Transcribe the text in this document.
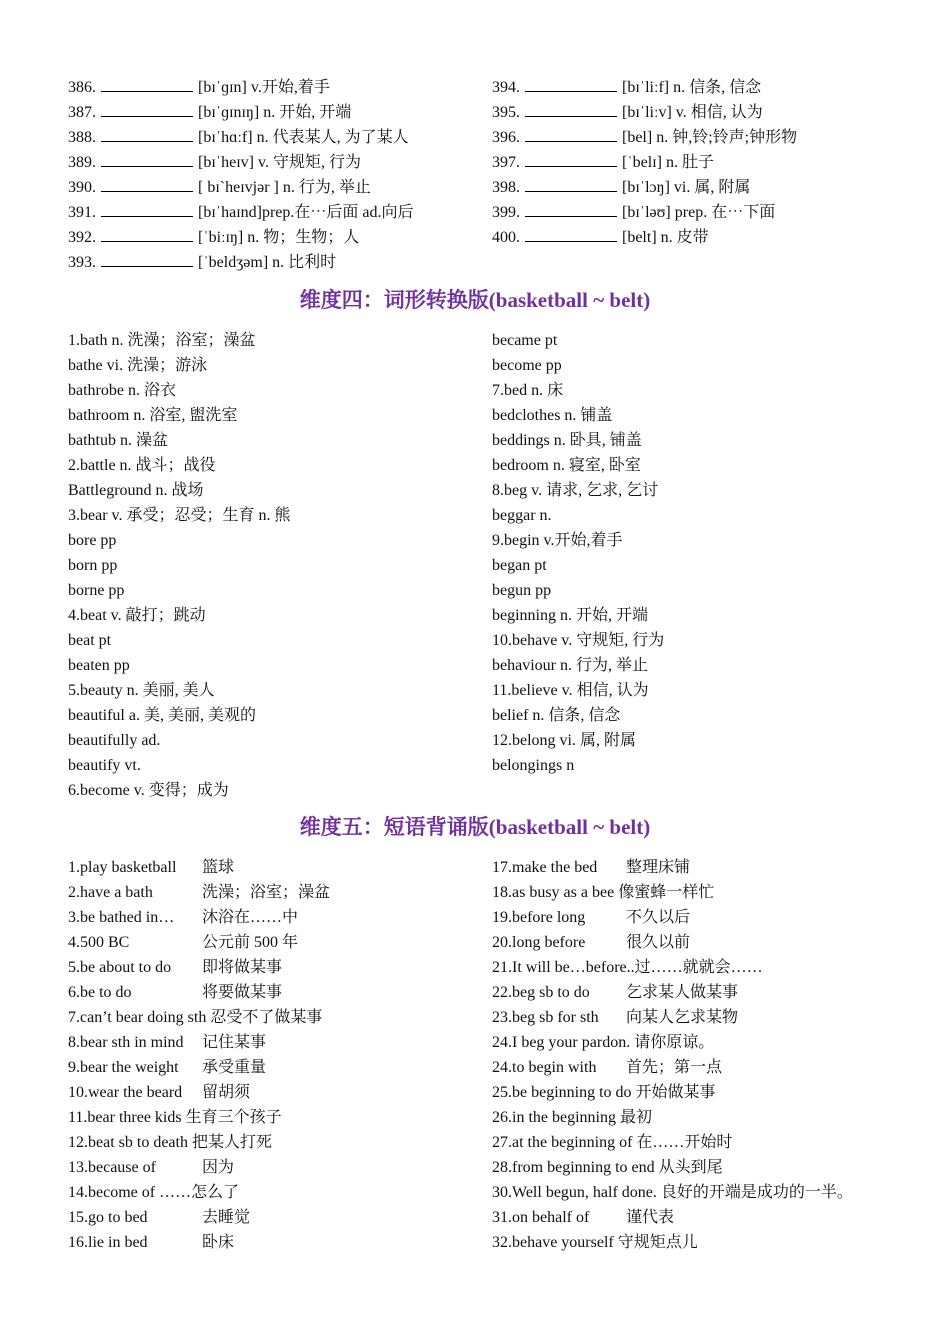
386.	[bɪˈɡɪn] v.开始,着手
387.	[bɪˈɡɪnɪŋ] n. 开始, 开端
388.	[bɪˈhɑːf] n. 代表某人, 为了某人
389.	[bɪˈheɪv] v. 守规矩, 行为
390.	[ bɪˋheɪvjər ] n. 行为, 举止
391.	[bɪˈhaɪnd]prep.在⋯后面 ad.向后
392.	[ˈbiːɪŋ] n. 物；生物；人
393.	[ˈbeldʒəm] n. 比利时
394.	[bɪˈliːf] n. 信条, 信念
395.	[bɪˈliːv] v. 相信, 认为
396.	[bel] n. 钟,铃;铃声;钟形物
397.	[ˈbelɪ] n. 肚子
398.	[bɪˈlɔŋ] vi. 属, 附属
399.	[bɪˈləʊ] prep. 在⋯下面
400.	[belt] n. 皮带
维度四：词形转换版(basketball ~ belt)
1.bath n. 洗澡；浴室；澡盆
bathe vi. 洗澡；游泳
bathrobe n. 浴衣
bathroom n. 浴室, 盥洗室
bathtub n. 澡盆
2.battle n. 战斗；战役
Battleground n. 战场
3.bear v. 承受；忍受；生育 n. 熊
bore pp
born pp
borne pp
4.beat v. 敲打；跳动
beat pt
beaten pp
5.beauty n. 美丽, 美人
beautiful a. 美, 美丽, 美观的
beautifully ad.
beautify vt.
6.become v. 变得；成为
became pt
become pp
7.bed n. 床
bedclothes n. 铺盖
beddings n. 卧具, 铺盖
bedroom n. 寝室, 卧室
8.beg v. 请求, 乞求, 乞讨
beggar n.
9.begin v.开始,着手
began pt
begun pp
beginning n. 开始, 开端
10.behave v. 守规矩, 行为
behaviour n. 行为, 举止
11.believe v. 相信, 认为
belief n. 信条, 信念
12.belong vi. 属, 附属
belongings n
维度五：短语背诵版(basketball ~ belt)
1.play basketball 篮球
2.have a bath	洗澡；浴室；澡盆
3.be bathed in… 沐浴在……中
4.500 BC	公元前 500 年
5.be about to do 即将做某事
6.be to do	将要做某事
7.can’t bear doing sth 忍受不了做某事
8.bear sth in mind 记住某事
9.bear the weight 承受重量
10.wear the beard 留胡须
11.bear three kids 生育三个孩子
12.beat sb to death 把某人打死
13.because of	因为
14.become of ……怎么了
15.go to bed	去睡觉
16.lie in bed	卧床
17.make the bed 整理床铺
18.as busy as a bee 像蜜蜂一样忙
19.before long	不久以后
20.long before	很久以前
21.It will be…before..过……就就会……
22.beg sb to do 乞求某人做某事
23.beg sb for sth 向某人乞求某物
24.I beg your pardon. 请你原谅。
24.to begin with 首先；第一点
25.be beginning to do 开始做某事
26.in the beginning 最初
27.at the beginning of 在……开始时
28.from beginning to end 从头到尾
30.Well begun, half done. 良好的开端是成功的一半。
31.on behalf of 谨代表
32.behave yourself 守规矩点儿
